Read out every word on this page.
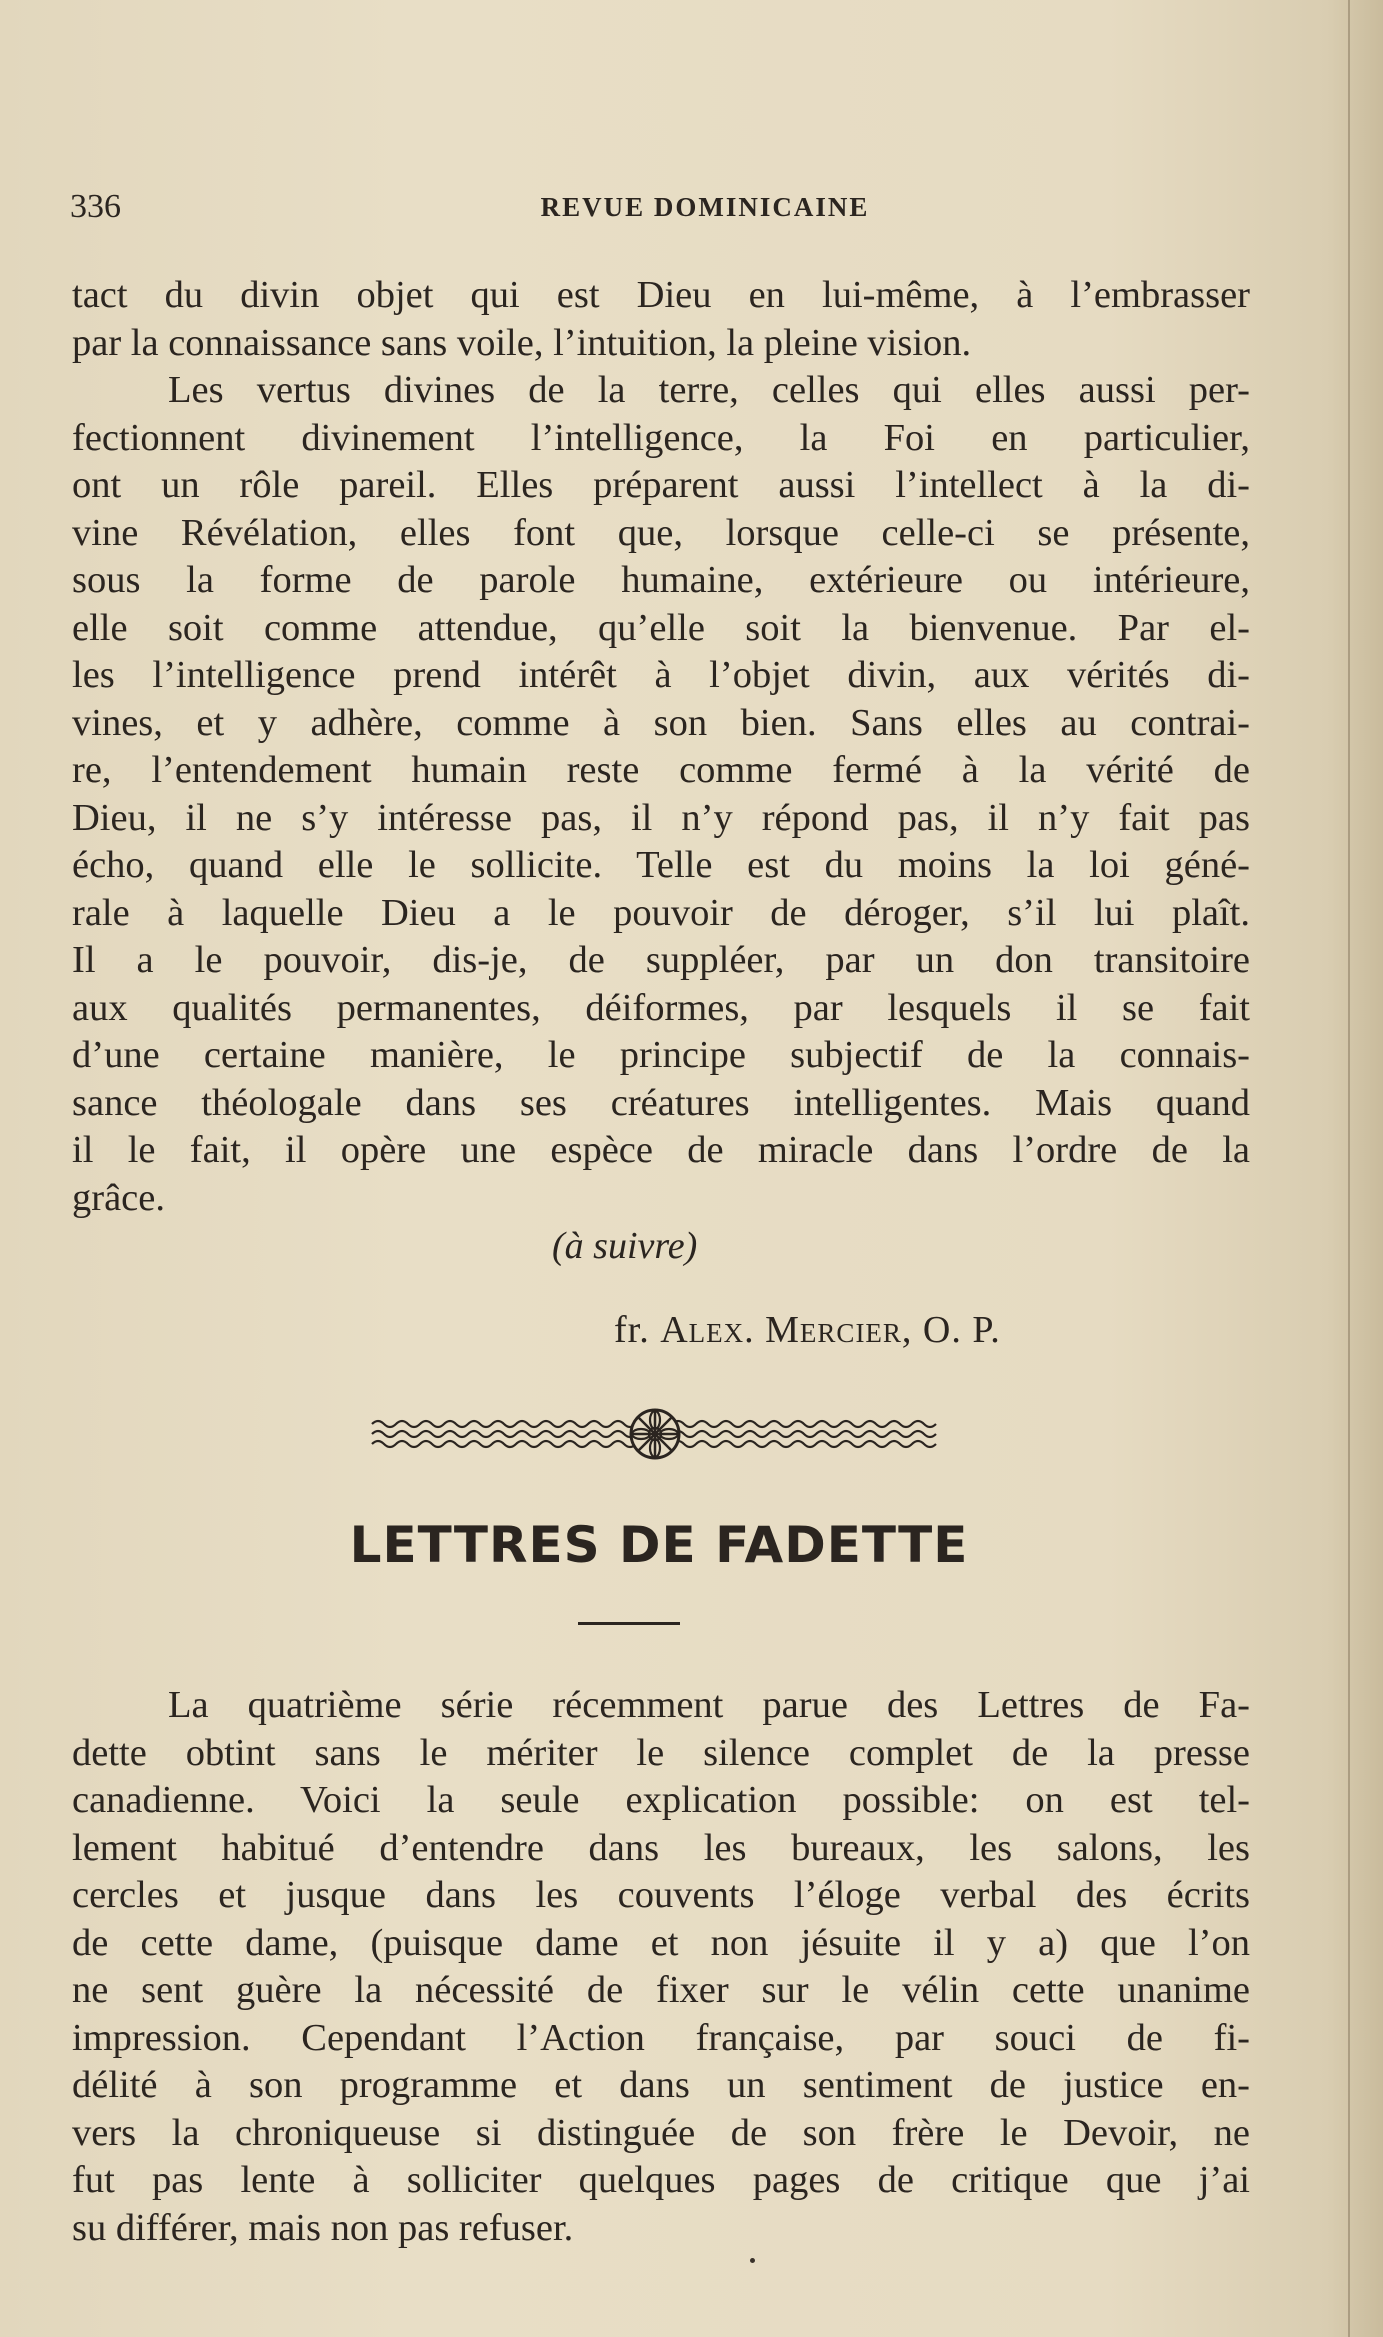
336	REVUE DOMINICAINE
tact du divin objet qui est Dieu en lui-même, à l’embrasser
par la connaissance sans voile, l’intuition, la pleine vision.
Les vertus divines de la terre, celles qui elles aussi per-
fectionnent divinement l’intelligence, la Foi en particulier,
ont un rôle pareil. Elles préparent aussi l’intellect à la di-
vine Révélation, elles font que, lorsque celle-ci se présente,
sous la forme de parole humaine, extérieure ou intérieure,
elle soit comme attendue, qu’elle soit la bienvenue. Par el-
les l’intelligence prend intérêt à l’objet divin, aux vérités di-
vines, et y adhère, comme à son bien. Sans elles au contrai-
re, l’entendement humain reste comme fermé à la vérité de
Dieu, il ne s’y intéresse pas, il n’y répond pas, il n’y fait pas
écho, quand elle le sollicite. Telle est du moins la loi géné-
rale à laquelle Dieu a le pouvoir de déroger, s’il lui plaît.
Il a le pouvoir, dis-je, de suppléer, par un don transitoire
aux qualités permanentes, déiformes, par lesquels il se fait
d’une certaine manière, le principe subjectif de la connais-
sance théologale dans ses créatures intelligentes. Mais quand
il le fait, il opère une espèce de miracle dans l’ordre de la
grâce.
(à suivre)
fr. Alex. Mercier, O. P.
LETTRES DE FADETTE
La quatrième série récemment parue des Lettres de Fa-
dette obtint sans le mériter le silence complet de la presse
canadienne. Voici la seule explication possible: on est tel-
lement habitué d’entendre dans les bureaux, les salons, les
cercles et jusque dans les couvents l’éloge verbal des écrits
de cette dame, (puisque dame et non jésuite il y a) que l’on
ne sent guère la nécessité de fixer sur le vélin cette unanime
impression. Cependant l’Action française, par souci de fi-
délité à son programme et dans un sentiment de justice en-
vers la chroniqueuse si distinguée de son frère le Devoir, ne
fut pas lente à solliciter quelques pages de critique que j’ai
su différer, mais non pas refuser.
